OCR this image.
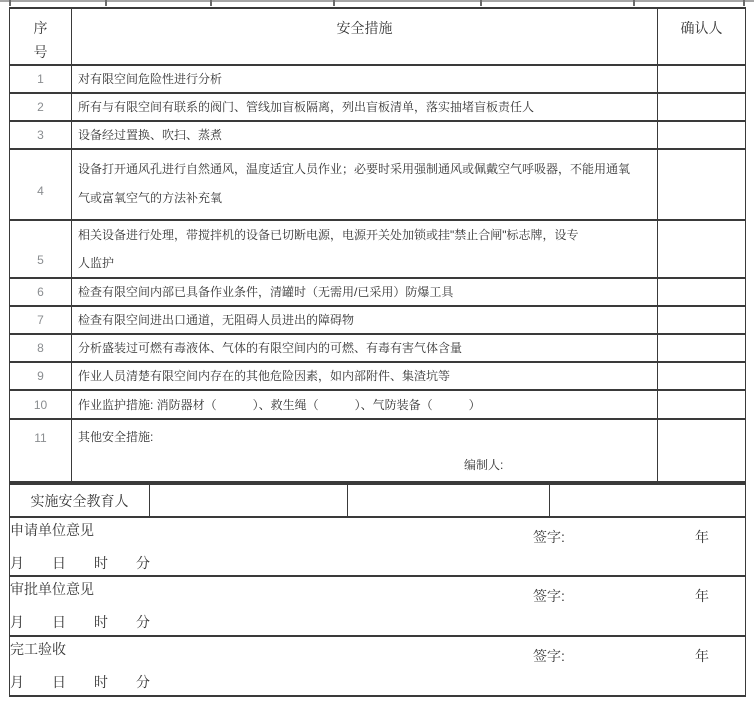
序
号	安全措施	确认人
1	对有限空间危险性进行分析	
2	所有与有限空间有联系的阀门、管线加盲板隔离，列出盲板清单，落实抽堵盲板责任人	
3	设备经过置换、吹扫、蒸煮	
4	设备打开通风孔进行自然通风，温度适宜人员作业；必要时采用强制通风或佩戴空气呼吸器，不能用通氧
气或富氧空气的方法补充氧	

5	相关设备进行处理，带搅拌机的设备已切断电源，电源开关处加锁或挂"禁止合闸"标志牌，设专
人监护	

6	检查有限空间内部已具备作业条件，清罐时（无需用/已采用）防爆工具	
7	检查有限空间进出口通道，无阻碍人员进出的障碍物	
8	分析盛装过可燃有毒液体、气体的有限空间内的可燃、有毒有害气体含量	
9	作业人员清楚有限空间内存在的其他危险因素，如内部附件、集渣坑等	
10	作业监护措施: 消防器材（　　　）、救生绳（　　　）、气防装备（　　　）	
11	其他安全措施:
编制人:	

实施安全教育人			
申请单位意见	签字:	年
月　　日　　时　　分

审批单位意见	签字:	年
月　　日　　时　　分

完工验收	签字:	年
月　　日　　时　　分
